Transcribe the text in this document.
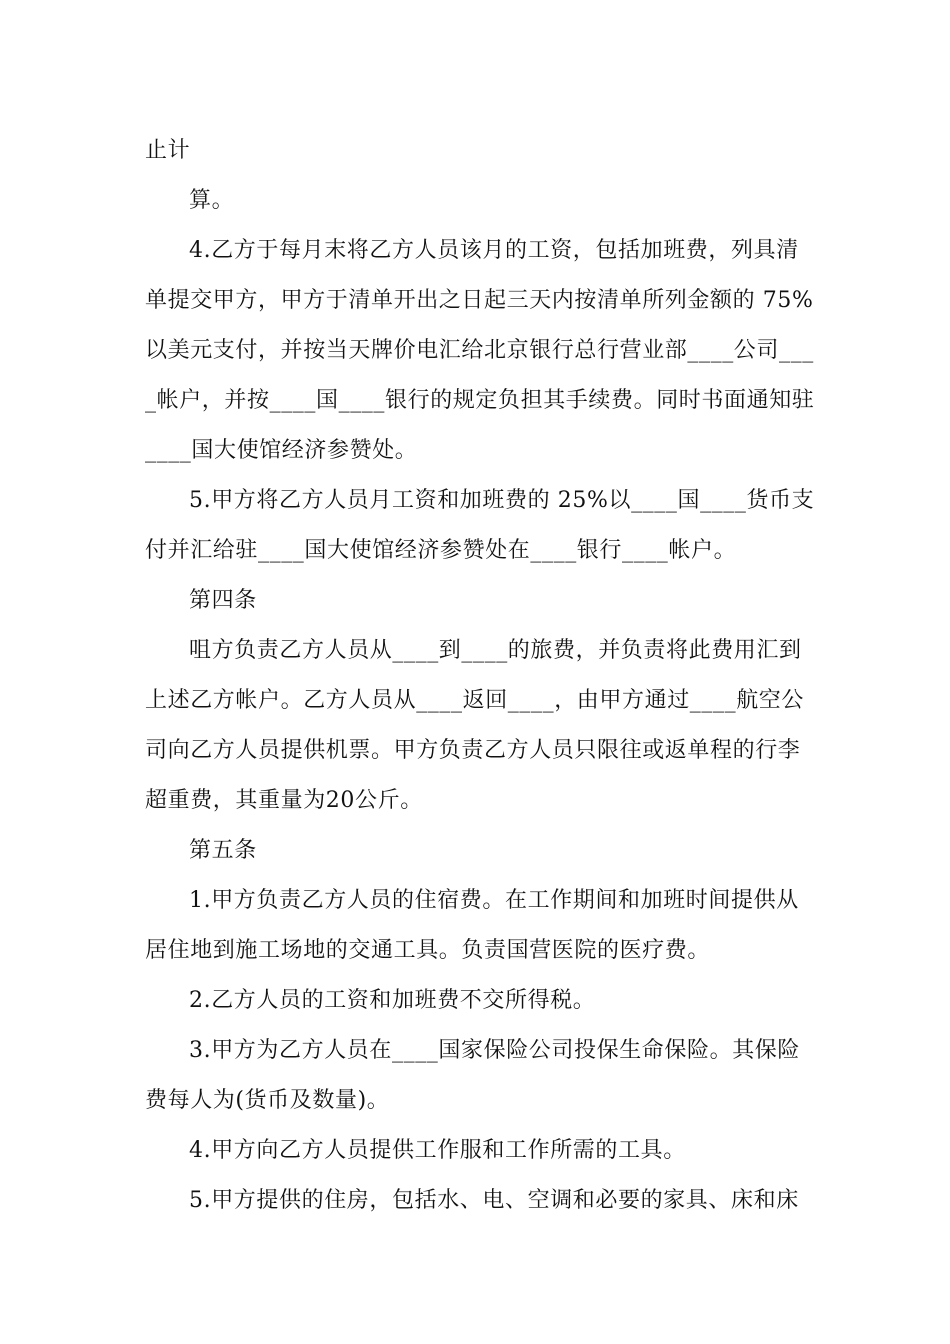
止计

算。

4.乙方于每月末将乙方人员该月的工资，包括加班费，列具清

单提交甲方，甲方于清单开出之日起三天内按清单所列金额的 75%

以美元支付，并按当天牌价电汇给北京银行总行营业部____公司___

_帐户，并按____国____银行的规定负担其手续费。同时书面通知驻

____国大使馆经济参赞处。

5.甲方将乙方人员月工资和加班费的 25%以____国____货币支

付并汇给驻____国大使馆经济参赞处在____银行____帐户。

第四条

咀方负责乙方人员从____到____的旅费，并负责将此费用汇到

上述乙方帐户。乙方人员从____返回____，由甲方通过____航空公

司向乙方人员提供机票。甲方负责乙方人员只限往或返单程的行李

超重费，其重量为20公斤。

第五条

1.甲方负责乙方人员的住宿费。在工作期间和加班时间提供从

居住地到施工场地的交通工具。负责国营医院的医疗费。

2.乙方人员的工资和加班费不交所得税。

3.甲方为乙方人员在____国家保险公司投保生命保险。其保险

费每人为(货币及数量)。

4.甲方向乙方人员提供工作服和工作所需的工具。

5.甲方提供的住房，包括水、电、空调和必要的家具、床和床
